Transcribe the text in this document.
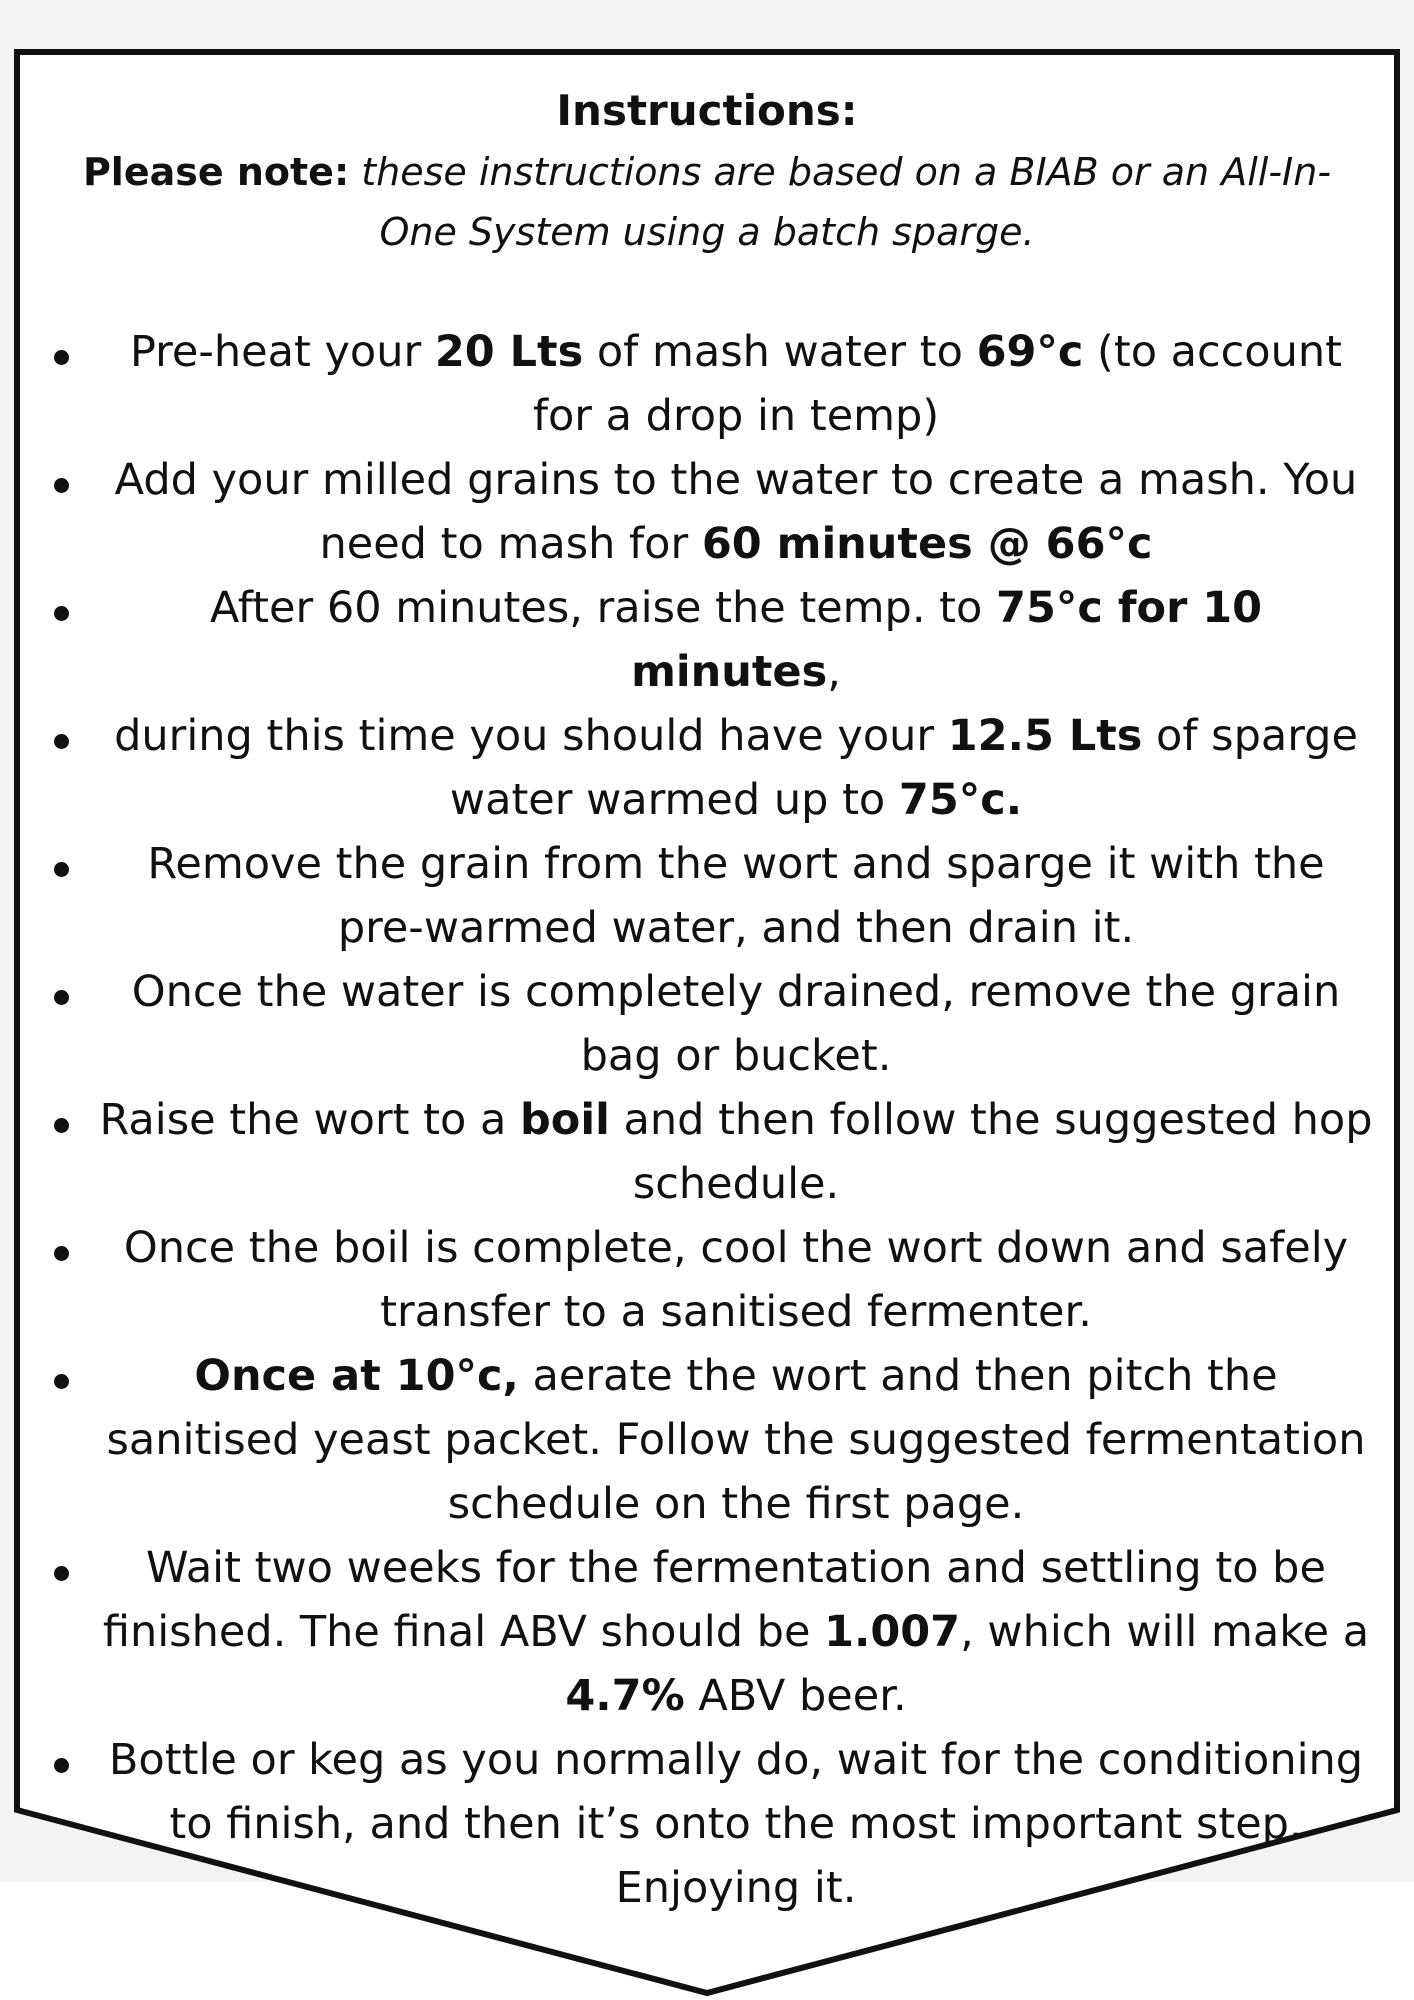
Instructions:

Please note: these instructions are based on a BIAB or an All-In-One System using a batch sparge.

Pre-heat your 20 Lts of mash water to 69°c (to account for a drop in temp)
Add your milled grains to the water to create a mash. You need to mash for 60 minutes @ 66°c
After 60 minutes, raise the temp. to 75°c for 10 minutes,
during this time you should have your 12.5 Lts of sparge water warmed up to 75°c.
Remove the grain from the wort and sparge it with the pre-warmed water, and then drain it.
Once the water is completely drained, remove the grain bag or bucket.
Raise the wort to a boil and then follow the suggested hop schedule.
Once the boil is complete, cool the wort down and safely transfer to a sanitised fermenter.
Once at 10°c, aerate the wort and then pitch the sanitised yeast packet. Follow the suggested fermentation schedule on the first page.
Wait two weeks for the fermentation and settling to be finished. The final ABV should be 1.007, which will make a 4.7% ABV beer.
Bottle or keg as you normally do, wait for the conditioning to finish, and then it’s onto the most important step.

Enjoying it.
